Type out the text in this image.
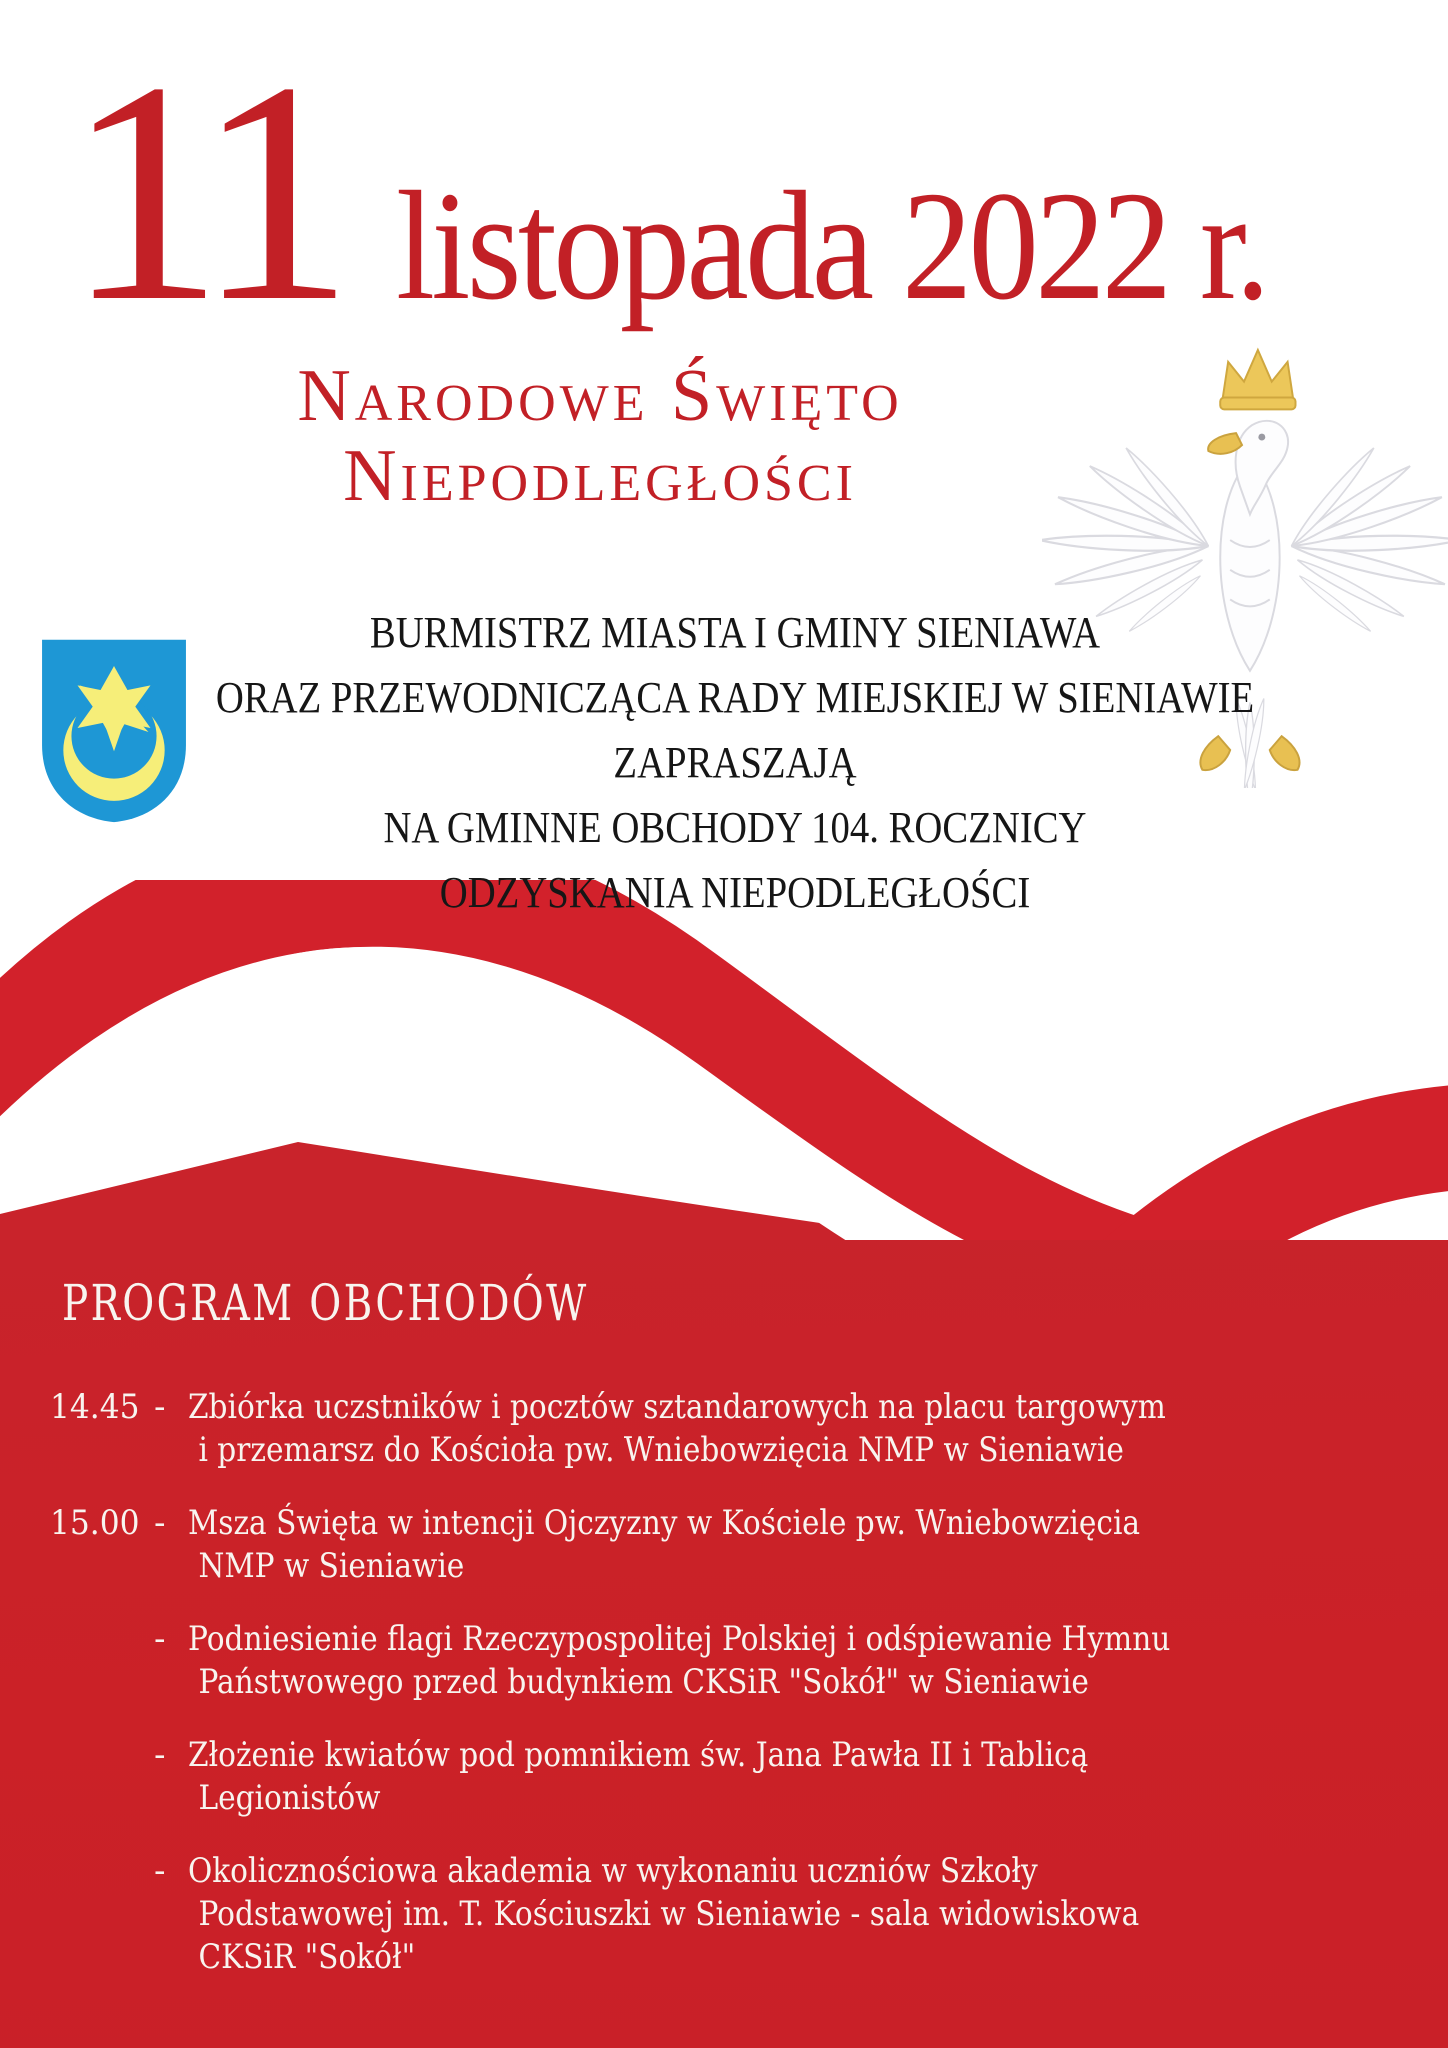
11 listopada 2022 r.
Narodowe Święto
Niepodległości
BURMISTRZ MIASTA I GMINY SIENIAWA
ORAZ PRZEWODNICZĄCA RADY MIEJSKIEJ W SIENIAWIE
ZAPRASZAJĄ
NA GMINNE OBCHODY 104. ROCZNICY
ODZYSKANIA NIEPODLEGŁOŚCI
PROGRAM OBCHODÓW
14.45 - Zbiórka uczstników i pocztów sztandarowych na placu targowym
i przemarsz do Kościoła pw. Wniebowzięcia NMP w Sieniawie
15.00 - Msza Święta w intencji Ojczyzny w Kościele pw. Wniebowzięcia
NMP w Sieniawie
- Podniesienie flagi Rzeczypospolitej Polskiej i odśpiewanie Hymnu
Państwowego przed budynkiem CKSiR "Sokół" w Sieniawie
- Złożenie kwiatów pod pomnikiem św. Jana Pawła II i Tablicą
Legionistów
- Okolicznościowa akademia w wykonaniu uczniów Szkoły
Podstawowej im. T. Kościuszki w Sieniawie - sala widowiskowa
CKSiR "Sokół"
